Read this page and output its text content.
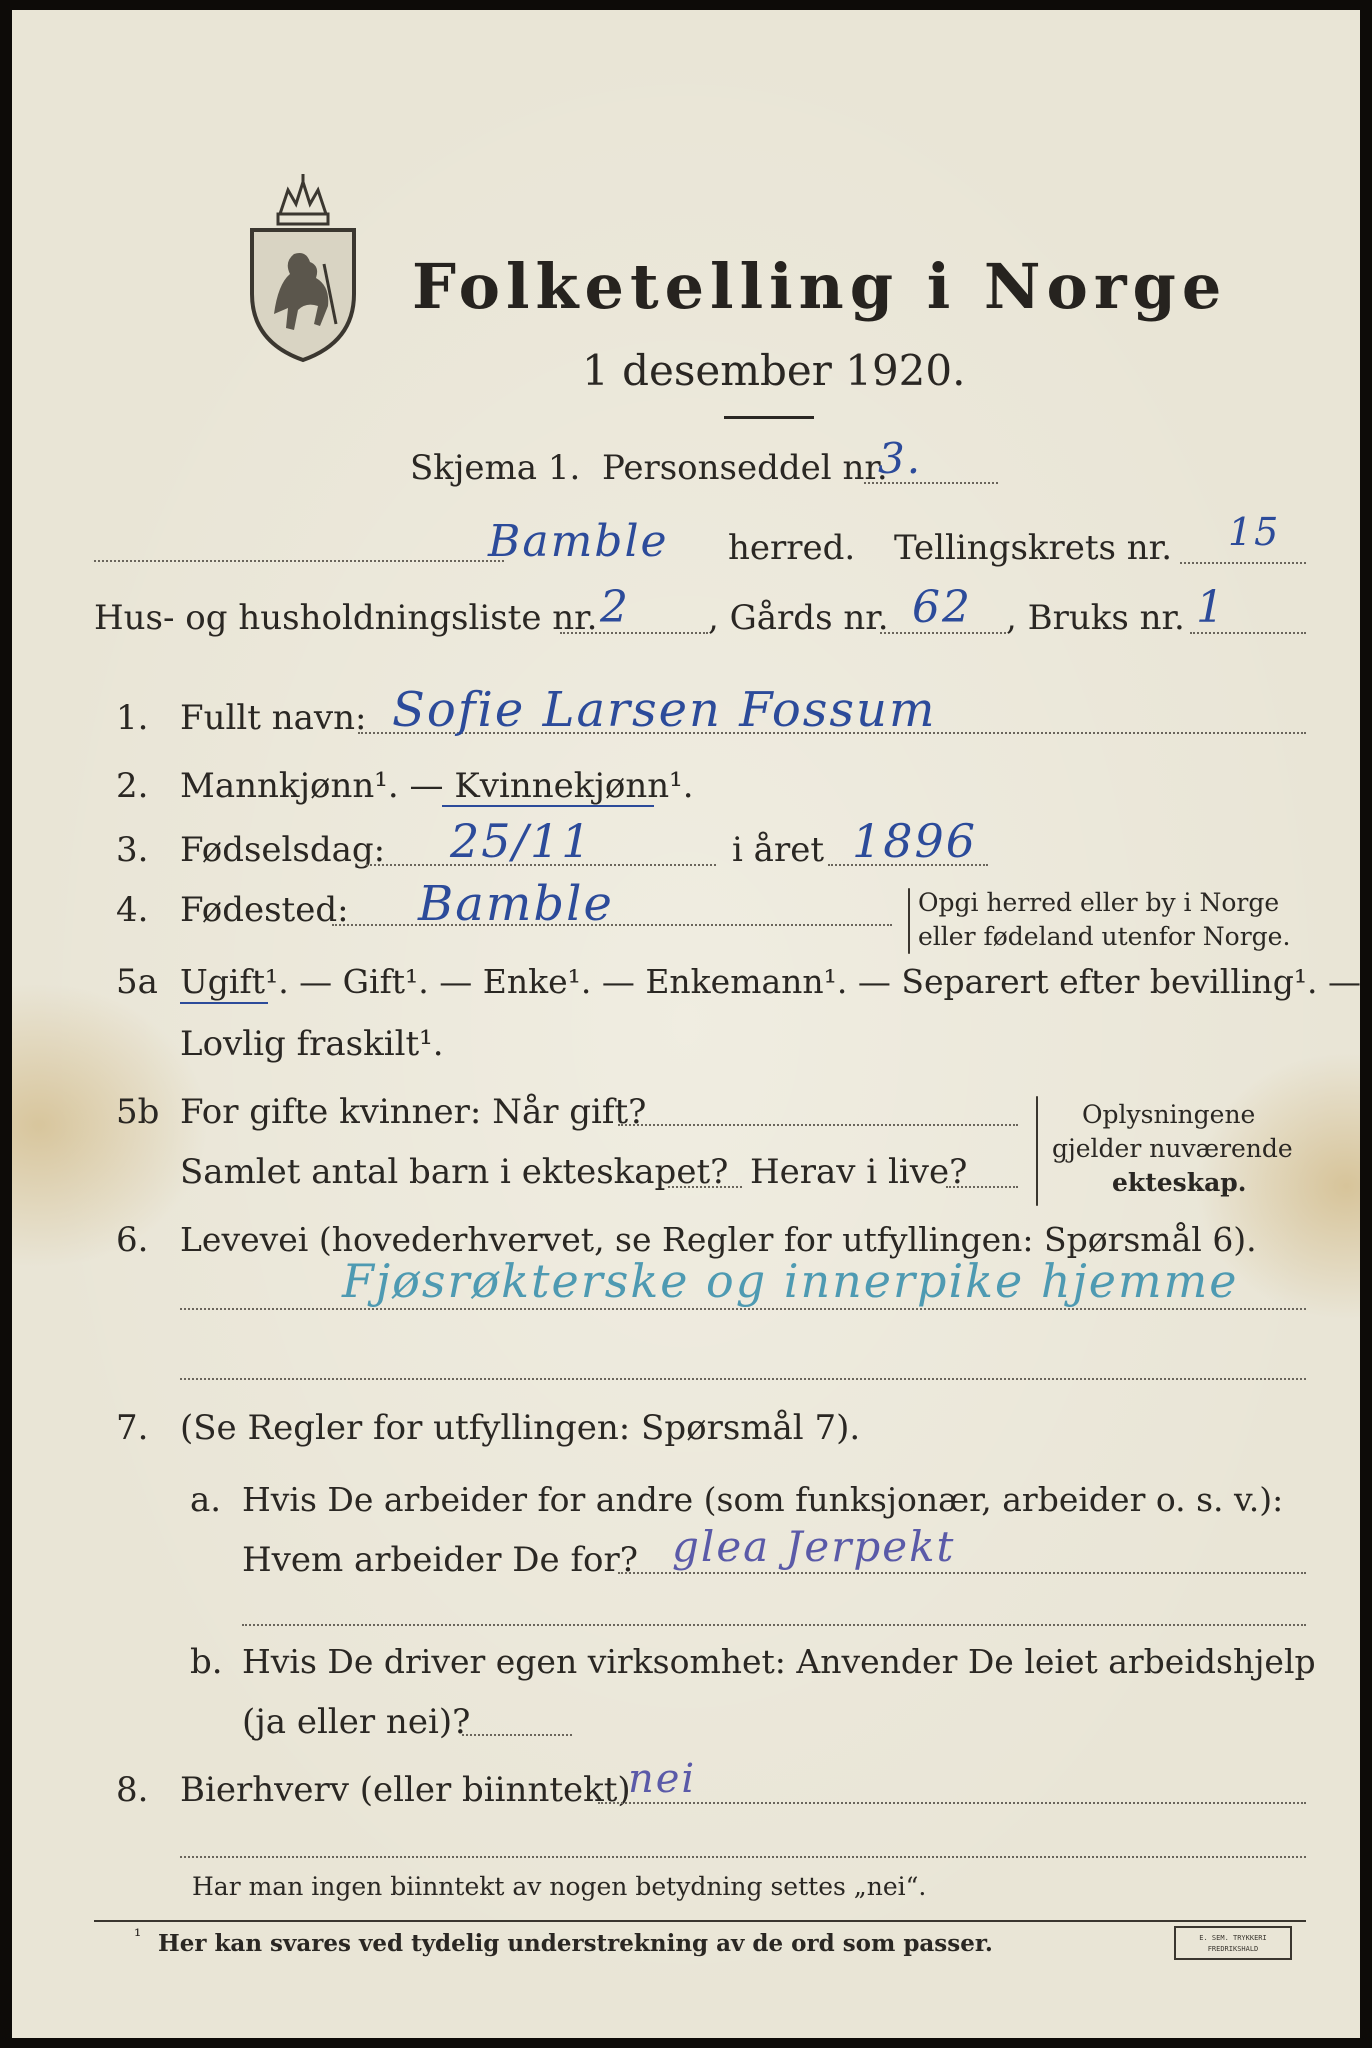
Folketelling i Norge
1 desember 1920.
Skjema 1. Personseddel nr.
3.
Bamble herred. Tellingskrets nr. 15
Hus- og husholdningsliste nr. 2 , Gårds nr. 62 , Bruks nr. 1
1. Fullt navn: Sofie Larsen Fossum
2. Mannkjønn¹. — Kvinnekjønn¹.
3. Fødselsdag: 25/11	i året 1896
4. Fødested: Bamble	Opgi herred eller by i Norge
eller fødeland utenfor Norge.
5a Ugift¹. — Gift¹. — Enke¹. — Enkemann¹. — Separert efter bevilling¹. —
Lovlig fraskilt¹.
5b For gifte kvinner: Når gift?
Samlet antal barn i ekteskapet? Herav i live?
Oplysningene
gjelder nuværende
ekteskap.
6. Levevei (hovederhvervet, se Regler for utfyllingen: Spørsmål 6).
Fjøsrøkterske og innerpike hjemme
7. (Se Regler for utfyllingen: Spørsmål 7).
a. Hvis De arbeider for andre (som funksjonær, arbeider o. s. v.):
Hvem arbeider De for? glea Jerpekt
b. Hvis De driver egen virksomhet: Anvender De leiet arbeidshjelp
(ja eller nei)?
8. Bierhverv (eller biinntekt)
nei
Har man ingen biinntekt av nogen betydning settes „nei“.
¹ Her kan svares ved tydelig understrekning av de ord som passer.	E. SEM. TRYKKERI FREDRIKSHALD
